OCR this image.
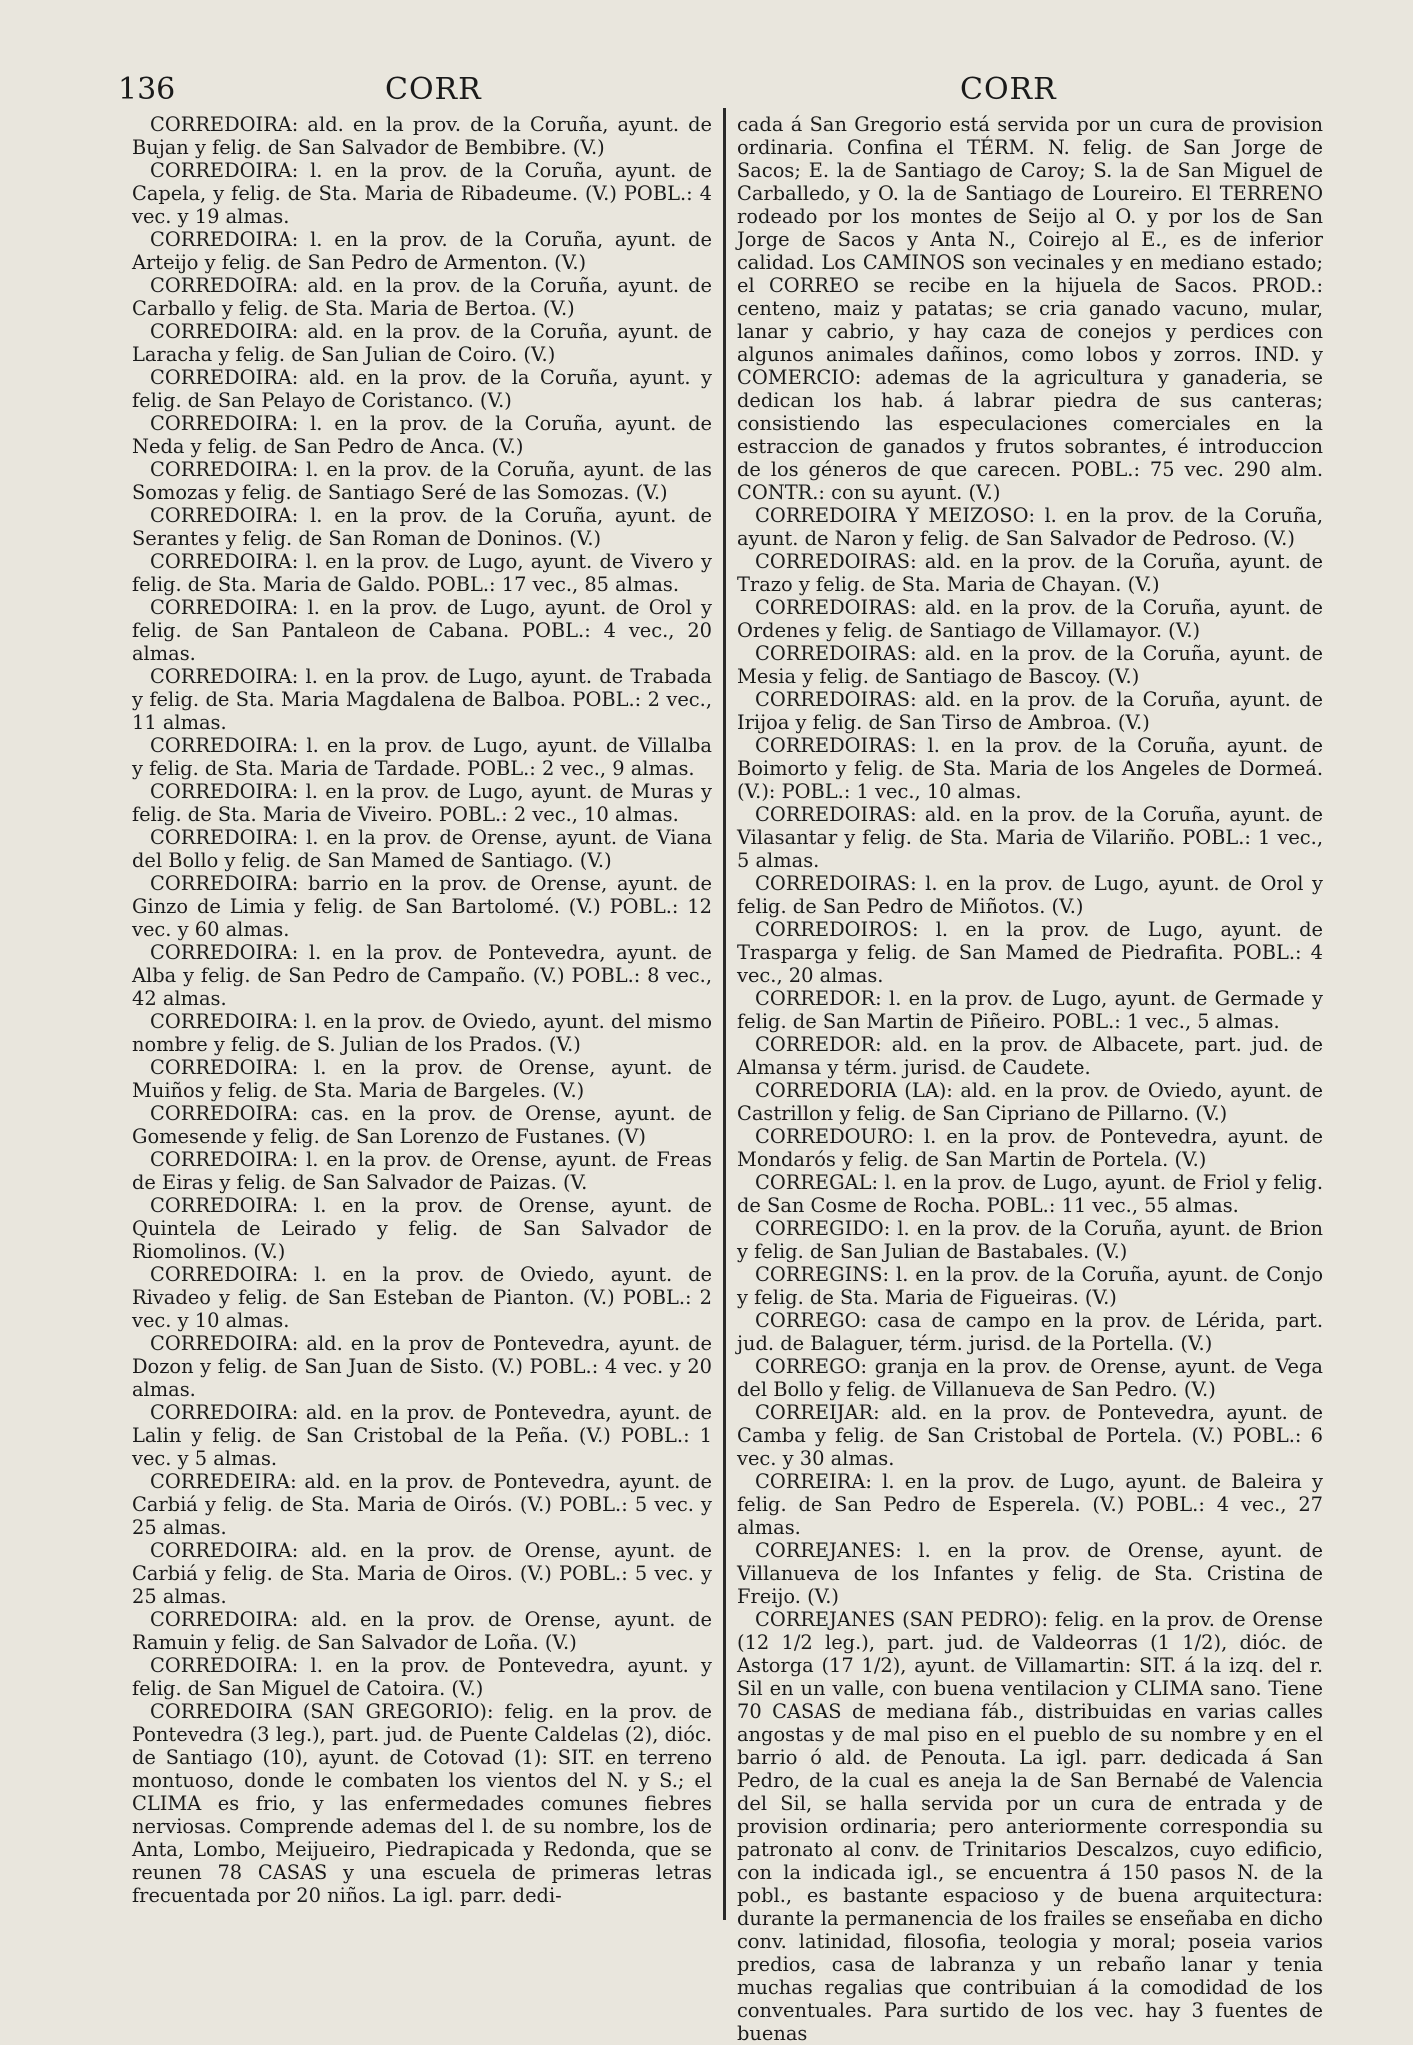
136	CORR	CORR

CORREDOIRA: ald. en la prov. de la Coruña, ayunt. de Bujan y felig. de San Salvador de Bembibre. (V.)

CORREDOIRA: l. en la prov. de la Coruña, ayunt. de Capela, y felig. de Sta. Maria de Ribadeume. (V.) POBL.: 4 vec. y 19 almas.

CORREDOIRA: l. en la prov. de la Coruña, ayunt. de Arteijo y felig. de San Pedro de Armenton. (V.)

CORREDOIRA: ald. en la prov. de la Coruña, ayunt. de Carballo y felig. de Sta. Maria de Bertoa. (V.)

CORREDOIRA: ald. en la prov. de la Coruña, ayunt. de Laracha y felig. de San Julian de Coiro. (V.)

CORREDOIRA: ald. en la prov. de la Coruña, ayunt. y felig. de San Pelayo de Coristanco. (V.)

CORREDOIRA: l. en la prov. de la Coruña, ayunt. de Neda y felig. de San Pedro de Anca. (V.)

CORREDOIRA: l. en la prov. de la Coruña, ayunt. de las Somozas y felig. de Santiago Seré de las Somozas. (V.)

CORREDOIRA: l. en la prov. de la Coruña, ayunt. de Serantes y felig. de San Roman de Doninos. (V.)

CORREDOIRA: l. en la prov. de Lugo, ayunt. de Vivero y felig. de Sta. Maria de Galdo. POBL.: 17 vec., 85 almas.

CORREDOIRA: l. en la prov. de Lugo, ayunt. de Orol y felig. de San Pantaleon de Cabana. POBL.: 4 vec., 20 almas.

CORREDOIRA: l. en la prov. de Lugo, ayunt. de Trabada y felig. de Sta. Maria Magdalena de Balboa. POBL.: 2 vec., 11 almas.

CORREDOIRA: l. en la prov. de Lugo, ayunt. de Villalba y felig. de Sta. Maria de Tardade. POBL.: 2 vec., 9 almas.

CORREDOIRA: l. en la prov. de Lugo, ayunt. de Muras y felig. de Sta. Maria de Viveiro. POBL.: 2 vec., 10 almas.

CORREDOIRA: l. en la prov. de Orense, ayunt. de Viana del Bollo y felig. de San Mamed de Santiago. (V.)

CORREDOIRA: barrio en la prov. de Orense, ayunt. de Ginzo de Limia y felig. de San Bartolomé. (V.) POBL.: 12 vec. y 60 almas.

CORREDOIRA: l. en la prov. de Pontevedra, ayunt. de Alba y felig. de San Pedro de Campaño. (V.) POBL.: 8 vec., 42 almas.

CORREDOIRA: l. en la prov. de Oviedo, ayunt. del mismo nombre y felig. de S. Julian de los Prados. (V.)

CORREDOIRA: l. en la prov. de Orense, ayunt. de Muiños y felig. de Sta. Maria de Bargeles. (V.)

CORREDOIRA: cas. en la prov. de Orense, ayunt. de Gomesende y felig. de San Lorenzo de Fustanes. (V)

CORREDOIRA: l. en la prov. de Orense, ayunt. de Freas de Eiras y felig. de San Salvador de Paizas. (V.

CORREDOIRA: l. en la prov. de Orense, ayunt. de Quintela de Leirado y felig. de San Salvador de Riomolinos. (V.)

CORREDOIRA: l. en la prov. de Oviedo, ayunt. de Rivadeo y felig. de San Esteban de Pianton. (V.) POBL.: 2 vec. y 10 almas.

CORREDOIRA: ald. en la prov de Pontevedra, ayunt. de Dozon y felig. de San Juan de Sisto. (V.) POBL.: 4 vec. y 20 almas.

CORREDOIRA: ald. en la prov. de Pontevedra, ayunt. de Lalin y felig. de San Cristobal de la Peña. (V.) POBL.: 1 vec. y 5 almas.

CORREDEIRA: ald. en la prov. de Pontevedra, ayunt. de Carbiá y felig. de Sta. Maria de Oirós. (V.) POBL.: 5 vec. y 25 almas.

CORREDOIRA: ald. en la prov. de Orense, ayunt. de Carbiá y felig. de Sta. Maria de Oiros. (V.) POBL.: 5 vec. y 25 almas.

CORREDOIRA: ald. en la prov. de Orense, ayunt. de Ramuin y felig. de San Salvador de Loña. (V.)

CORREDOIRA: l. en la prov. de Pontevedra, ayunt. y felig. de San Miguel de Catoira. (V.)

CORREDOIRA (SAN GREGORIO): felig. en la prov. de Pontevedra (3 leg.), part. jud. de Puente Caldelas (2), dióc. de Santiago (10), ayunt. de Cotovad (1): SIT. en terreno montuoso, donde le combaten los vientos del N. y S.; el CLIMA es frio, y las enfermedades comunes fiebres nerviosas. Comprende ademas del l. de su nombre, los de Anta, Lombo, Meijueiro, Piedrapicada y Redonda, que se reunen 78 CASAS y una escuela de primeras letras frecuentada por 20 niños. La igl. parr. dedi-

cada á San Gregorio está servida por un cura de provision ordinaria. Confina el TÉRM. N. felig. de San Jorge de Sacos; E. la de Santiago de Caroy; S. la de San Miguel de Carballedo, y O. la de Santiago de Loureiro. El TERRENO rodeado por los montes de Seijo al O. y por los de San Jorge de Sacos y Anta N., Coirejo al E., es de inferior calidad. Los CAMINOS son vecinales y en mediano estado; el CORREO se recibe en la hijuela de Sacos. PROD.: centeno, maiz y patatas; se cria ganado vacuno, mular, lanar y cabrio, y hay caza de conejos y perdices con algunos animales dañinos, como lobos y zorros. IND. y COMERCIO: ademas de la agricultura y ganaderia, se dedican los hab. á labrar piedra de sus canteras; consistiendo las especulaciones comerciales en la estraccion de ganados y frutos sobrantes, é introduccion de los géneros de que carecen. POBL.: 75 vec. 290 alm. CONTR.: con su ayunt. (V.)

CORREDOIRA Y MEIZOSO: l. en la prov. de la Coruña, ayunt. de Naron y felig. de San Salvador de Pedroso. (V.)

CORREDOIRAS: ald. en la prov. de la Coruña, ayunt. de Trazo y felig. de Sta. Maria de Chayan. (V.)

CORREDOIRAS: ald. en la prov. de la Coruña, ayunt. de Ordenes y felig. de Santiago de Villamayor. (V.)

CORREDOIRAS: ald. en la prov. de la Coruña, ayunt. de Mesia y felig. de Santiago de Bascoy. (V.)

CORREDOIRAS: ald. en la prov. de la Coruña, ayunt. de Irijoa y felig. de San Tirso de Ambroa. (V.)

CORREDOIRAS: l. en la prov. de la Coruña, ayunt. de Boimorto y felig. de Sta. Maria de los Angeles de Dormeá. (V.): POBL.: 1 vec., 10 almas.

CORREDOIRAS: ald. en la prov. de la Coruña, ayunt. de Vilasantar y felig. de Sta. Maria de Vilariño. POBL.: 1 vec., 5 almas.

CORREDOIRAS: l. en la prov. de Lugo, ayunt. de Orol y felig. de San Pedro de Miñotos. (V.)

CORREDOIROS: l. en la prov. de Lugo, ayunt. de Trasparga y felig. de San Mamed de Piedrafita. POBL.: 4 vec., 20 almas.

CORREDOR: l. en la prov. de Lugo, ayunt. de Germade y felig. de San Martin de Piñeiro. POBL.: 1 vec., 5 almas.

CORREDOR: ald. en la prov. de Albacete, part. jud. de Almansa y térm. jurisd. de Caudete.

CORREDORIA (LA): ald. en la prov. de Oviedo, ayunt. de Castrillon y felig. de San Cipriano de Pillarno. (V.)

CORREDOURO: l. en la prov. de Pontevedra, ayunt. de Mondarós y felig. de San Martin de Portela. (V.)

CORREGAL: l. en la prov. de Lugo, ayunt. de Friol y felig. de San Cosme de Rocha. POBL.: 11 vec., 55 almas.

CORREGIDO: l. en la prov. de la Coruña, ayunt. de Brion y felig. de San Julian de Bastabales. (V.)

CORREGINS: l. en la prov. de la Coruña, ayunt. de Conjo y felig. de Sta. Maria de Figueiras. (V.)

CORREGO: casa de campo en la prov. de Lérida, part. jud. de Balaguer, térm. jurisd. de la Portella. (V.)

CORREGO: granja en la prov. de Orense, ayunt. de Vega del Bollo y felig. de Villanueva de San Pedro. (V.)

CORREIJAR: ald. en la prov. de Pontevedra, ayunt. de Camba y felig. de San Cristobal de Portela. (V.) POBL.: 6 vec. y 30 almas.

CORREIRA: l. en la prov. de Lugo, ayunt. de Baleira y felig. de San Pedro de Esperela. (V.) POBL.: 4 vec., 27 almas.

CORREJANES: l. en la prov. de Orense, ayunt. de Villanueva de los Infantes y felig. de Sta. Cristina de Freijo. (V.)

CORREJANES (SAN PEDRO): felig. en la prov. de Orense (12 1/2 leg.), part. jud. de Valdeorras (1 1/2), dióc. de Astorga (17 1/2), ayunt. de Villamartin: SIT. á la izq. del r. Sil en un valle, con buena ventilacion y CLIMA sano. Tiene 70 CASAS de mediana fáb., distribuidas en varias calles angostas y de mal piso en el pueblo de su nombre y en el barrio ó ald. de Penouta. La igl. parr. dedicada á San Pedro, de la cual es aneja la de San Bernabé de Valencia del Sil, se halla servida por un cura de entrada y de provision ordinaria; pero anteriormente correspondia su patronato al conv. de Trinitarios Descalzos, cuyo edificio, con la indicada igl., se encuentra á 150 pasos N. de la pobl., es bastante espacioso y de buena arquitectura: durante la permanencia de los frailes se enseñaba en dicho conv. latinidad, filosofia, teologia y moral; poseia varios predios, casa de labranza y un rebaño lanar y tenia muchas regalias que contribuian á la comodidad de los conventuales. Para surtido de los vec. hay 3 fuentes de buenas
